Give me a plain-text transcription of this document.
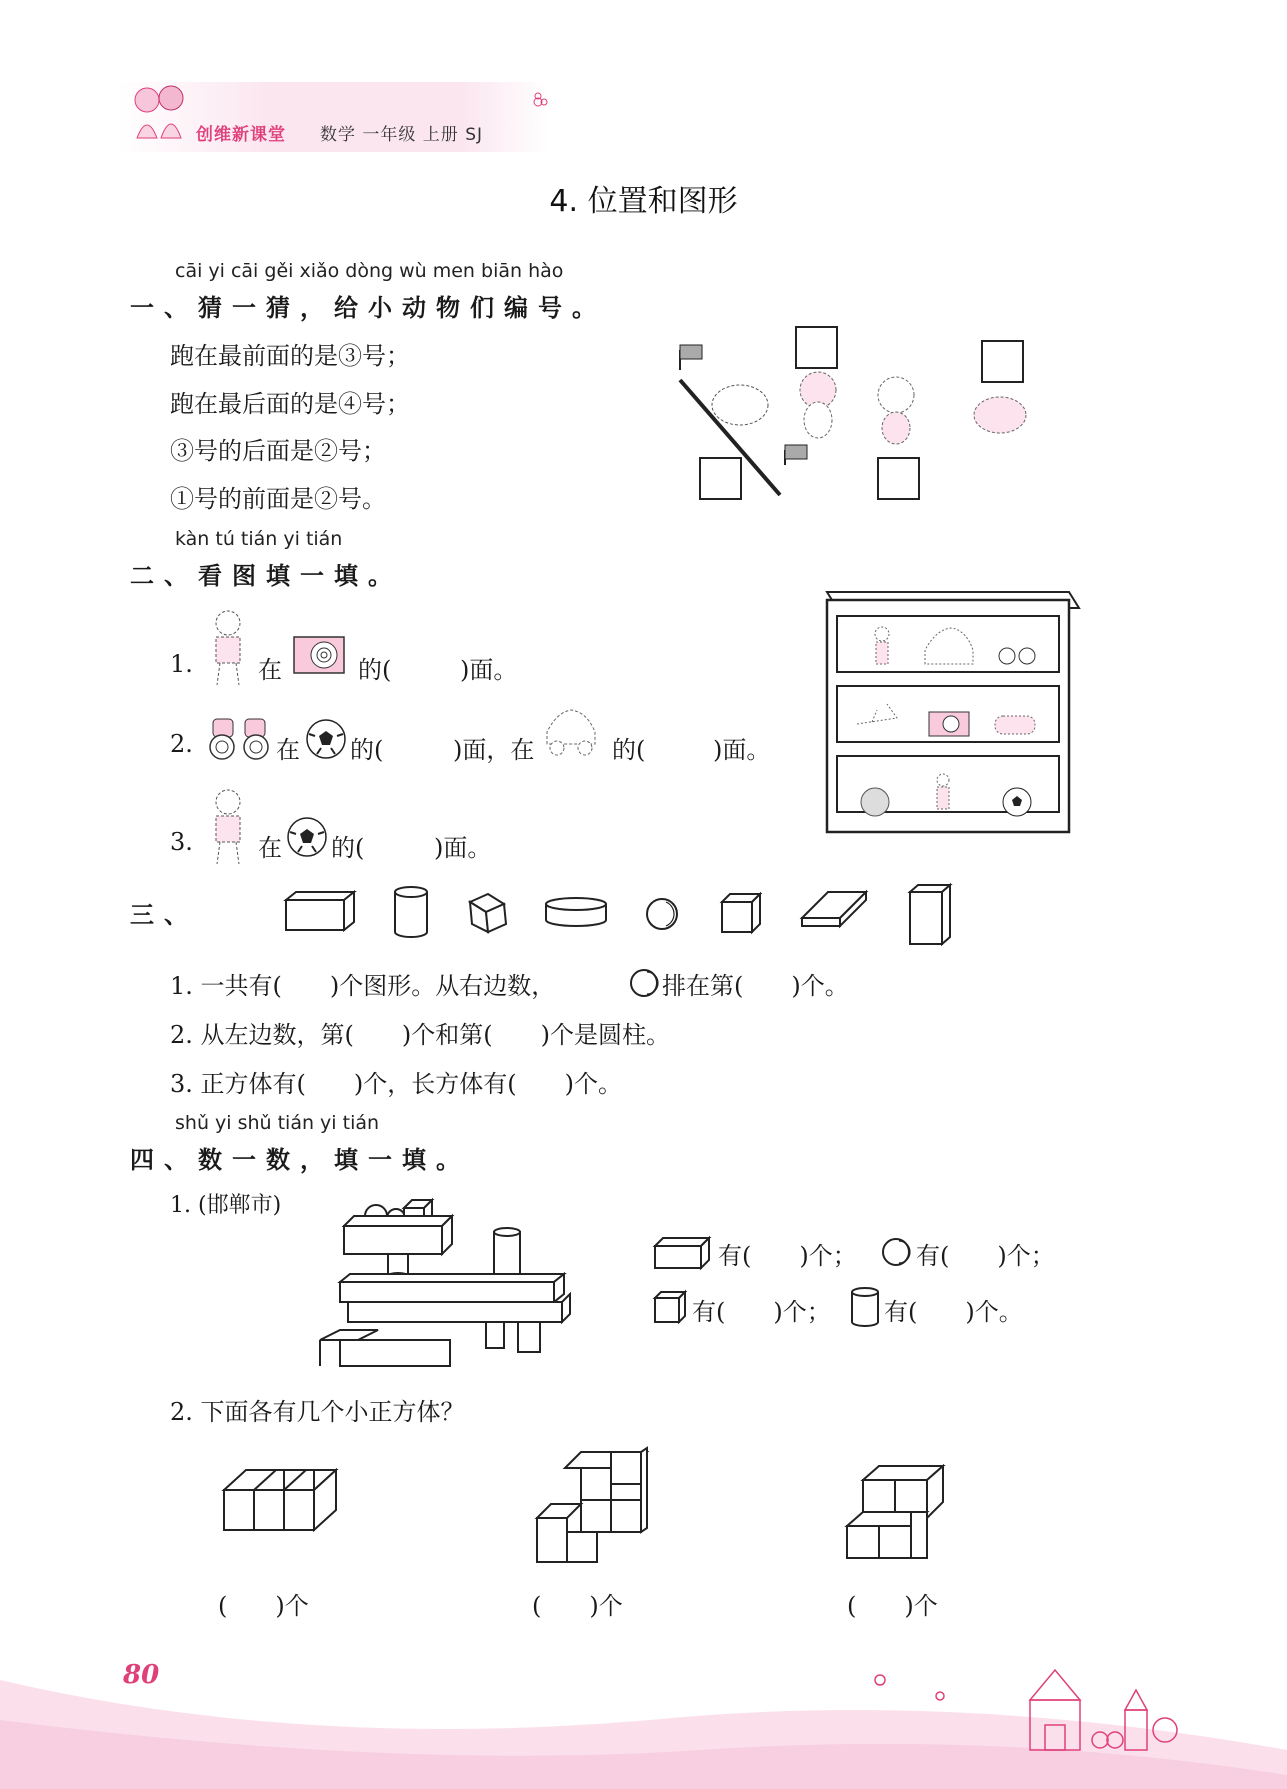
创维新课堂 数学 一年级 上册 SJ
4. 位置和图形
cāi yi cāi gěi xiǎo dòng wù men biān hào
一、猜一猜，给小动物们编号。
跑在最前面的是③号；
跑在最后面的是④号；
③号的后面是②号；
①号的前面是②号。
kàn tú tián yi tián
二、看图填一填。
1.	在	的(	)面。
2.	在 的(	)面，在	的(	)面。
3.	在 的(	)面。
三、
1. 一共有(　　)个图形。从右边数，	排在第(　　)个。
2. 从左边数，第(　　)个和第(　　)个是圆柱。
3. 正方体有(　　)个，长方体有(　　)个。
shǔ yi shǔ tián yi tián
四、数一数，填一填。
1. (邯郸市)
有(　　)个； 有(　　)个；
有(　　)个； 有(　　)个。
2. 下面各有几个小正方体？
(　　)个	(　　)个	(　　)个
80
